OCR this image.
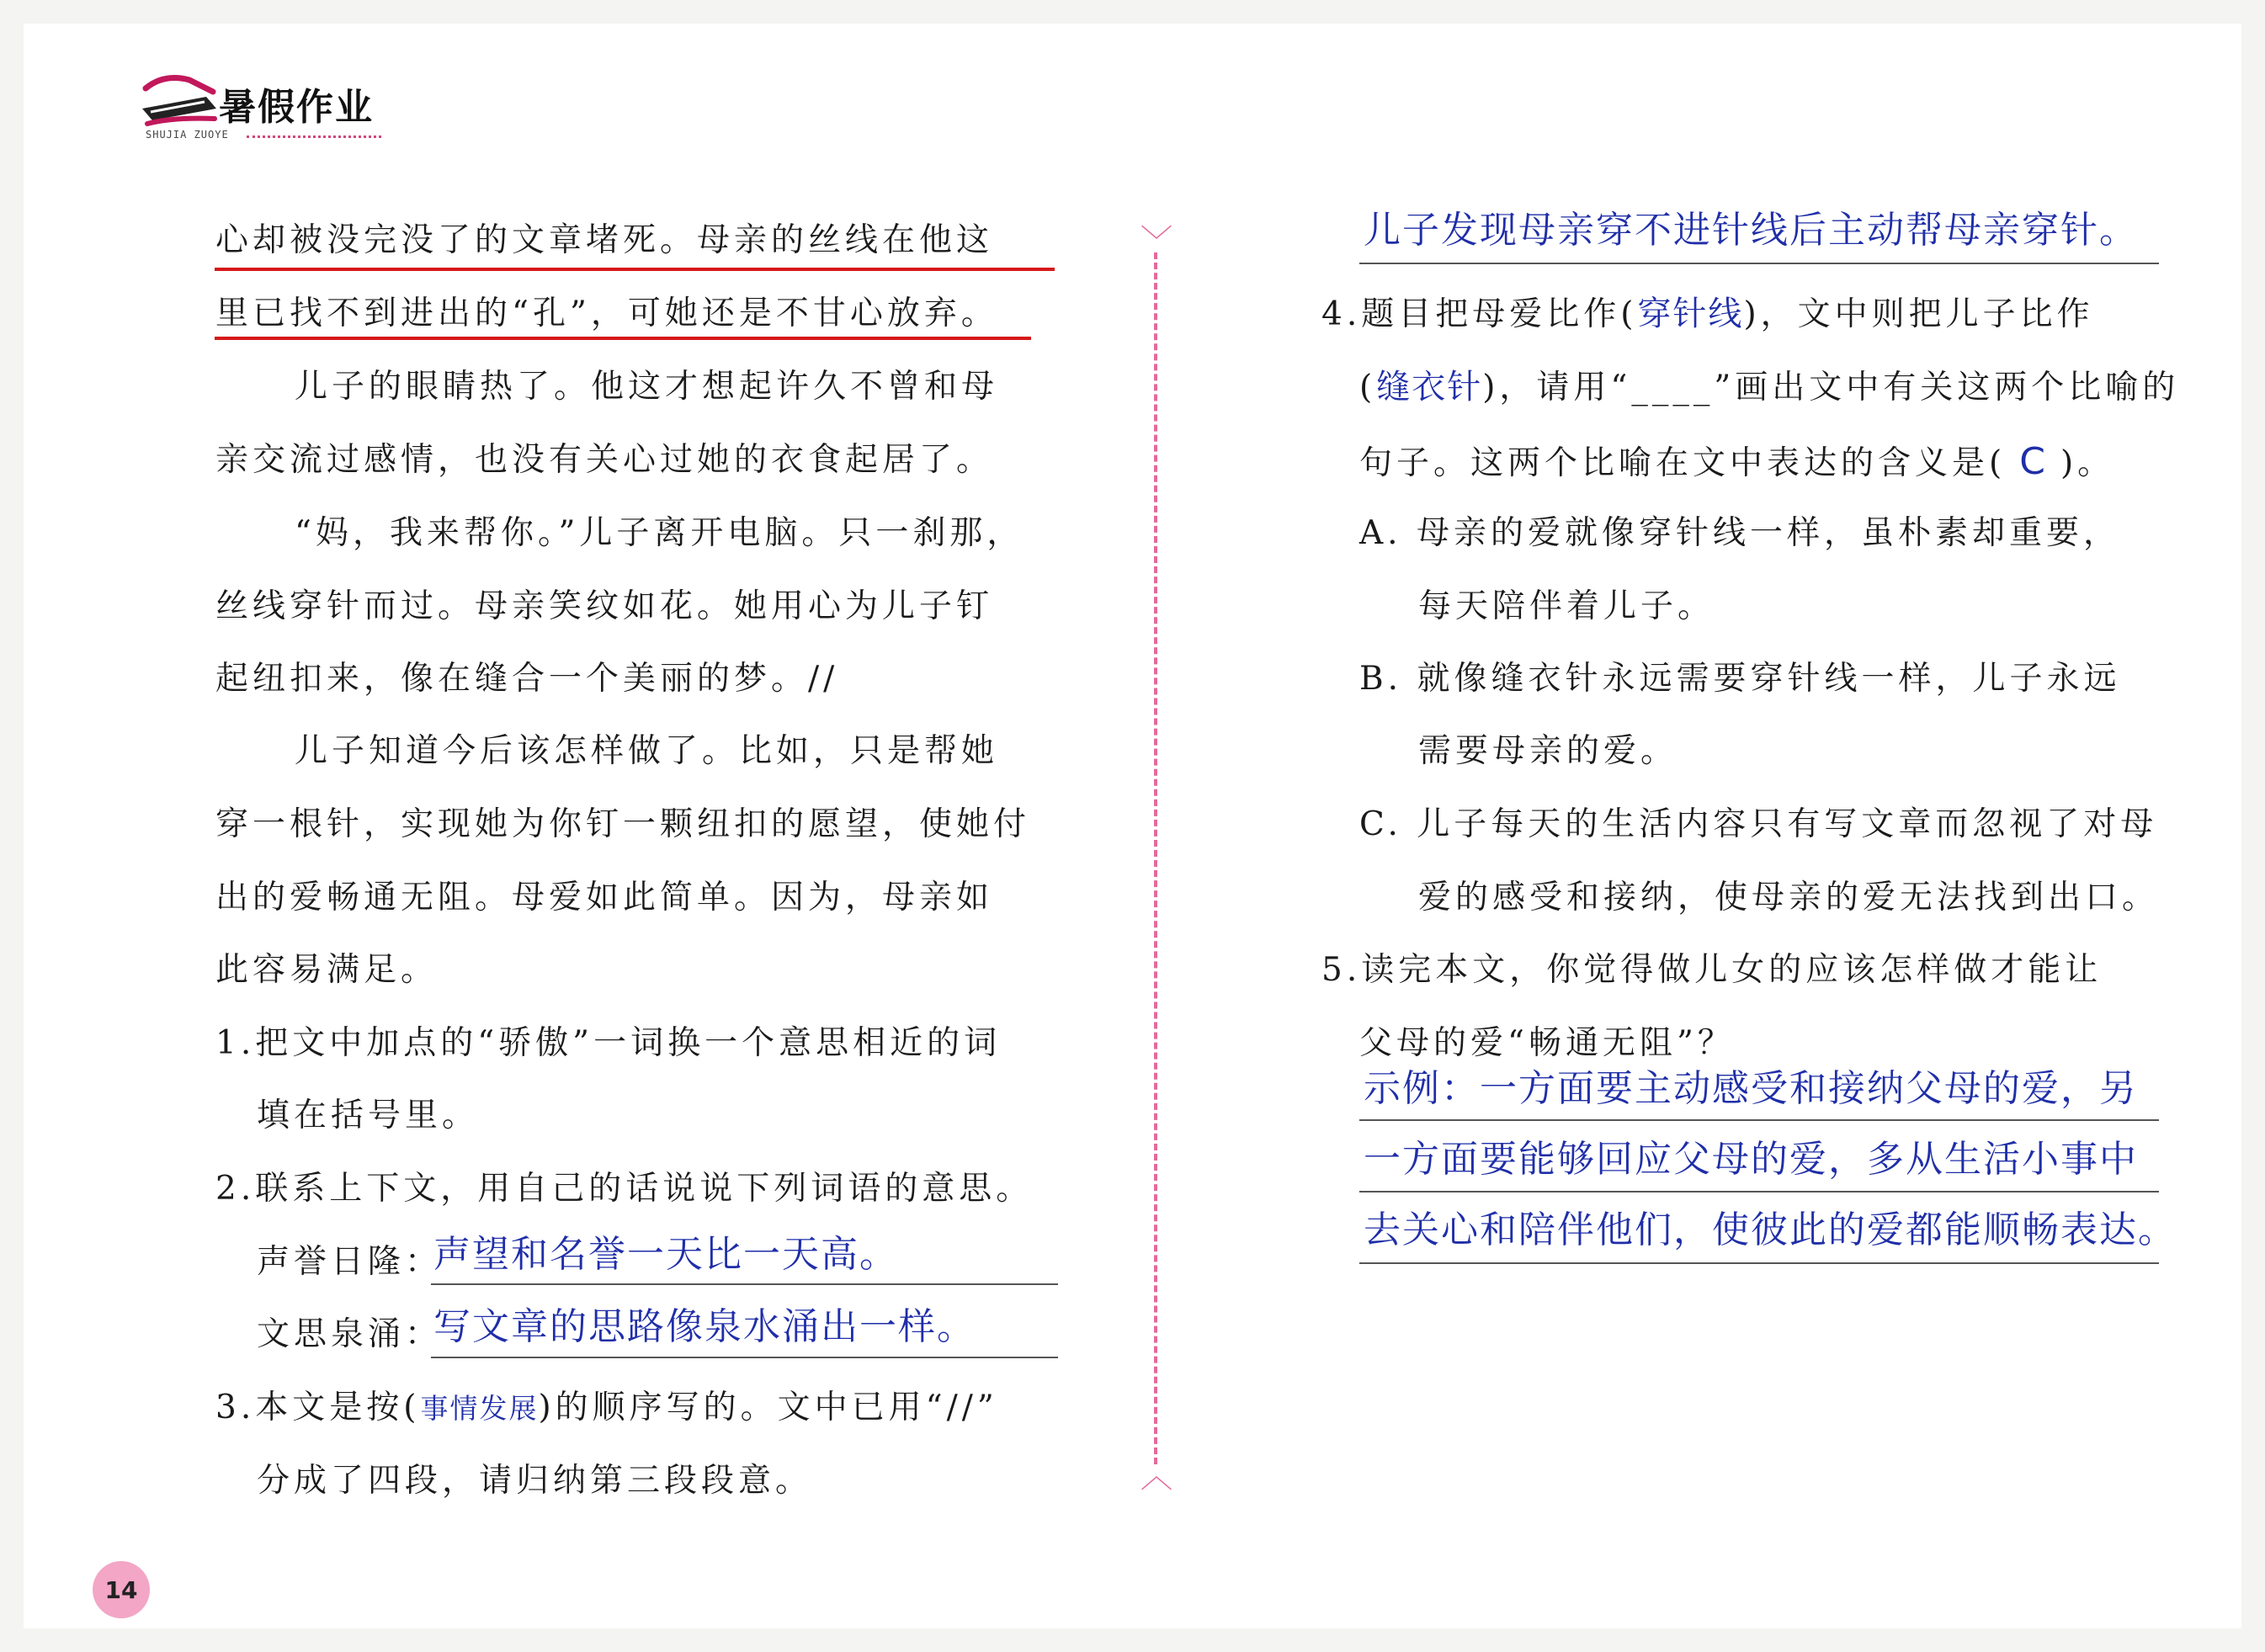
暑假作业
SHUJIA ZUOYE
心却被没完没了的文章堵死。母亲的丝线在他这
里已找不到进出的“孔”，可她还是不甘心放弃。
儿子的眼睛热了。他这才想起许久不曾和母
亲交流过感情，也没有关心过她的衣食起居了。
“妈，我来帮你。”儿子离开电脑。只一刹那，
丝线穿针而过。母亲笑纹如花。她用心为儿子钉
起纽扣来，像在缝合一个美丽的梦。//
儿子知道今后该怎样做了。比如，只是帮她
穿一根针，实现她为你钉一颗纽扣的愿望，使她付
出的爱畅通无阻。母爱如此简单。因为，母亲如
此容易满足。
1.把文中加点的“骄傲”一词换一个意思相近的词
填在括号里。
2.联系上下文，用自己的话说说下列词语的意思。
声誉日隆：
声望和名誉一天比一天高。
文思泉涌：
写文章的思路像泉水涌出一样。
3.本文是按(事情发展)的顺序写的。文中已用“//”
分成了四段，请归纳第三段段意。
﹀
︿
儿子发现母亲穿不进针线后主动帮母亲穿针。
4.题目把母爱比作(穿针线)，文中则把儿子比作
(缝衣针)，请用“____”画出文中有关这两个比喻的
句子。这两个比喻在文中表达的含义是( C )。
A. 母亲的爱就像穿针线一样，虽朴素却重要，
每天陪伴着儿子。
B. 就像缝衣针永远需要穿针线一样，儿子永远
需要母亲的爱。
C. 儿子每天的生活内容只有写文章而忽视了对母
爱的感受和接纳，使母亲的爱无法找到出口。
5.读完本文，你觉得做儿女的应该怎样做才能让
父母的爱“畅通无阻”？
示例：一方面要主动感受和接纳父母的爱，另
一方面要能够回应父母的爱，多从生活小事中
去关心和陪伴他们，使彼此的爱都能顺畅表达。
14
